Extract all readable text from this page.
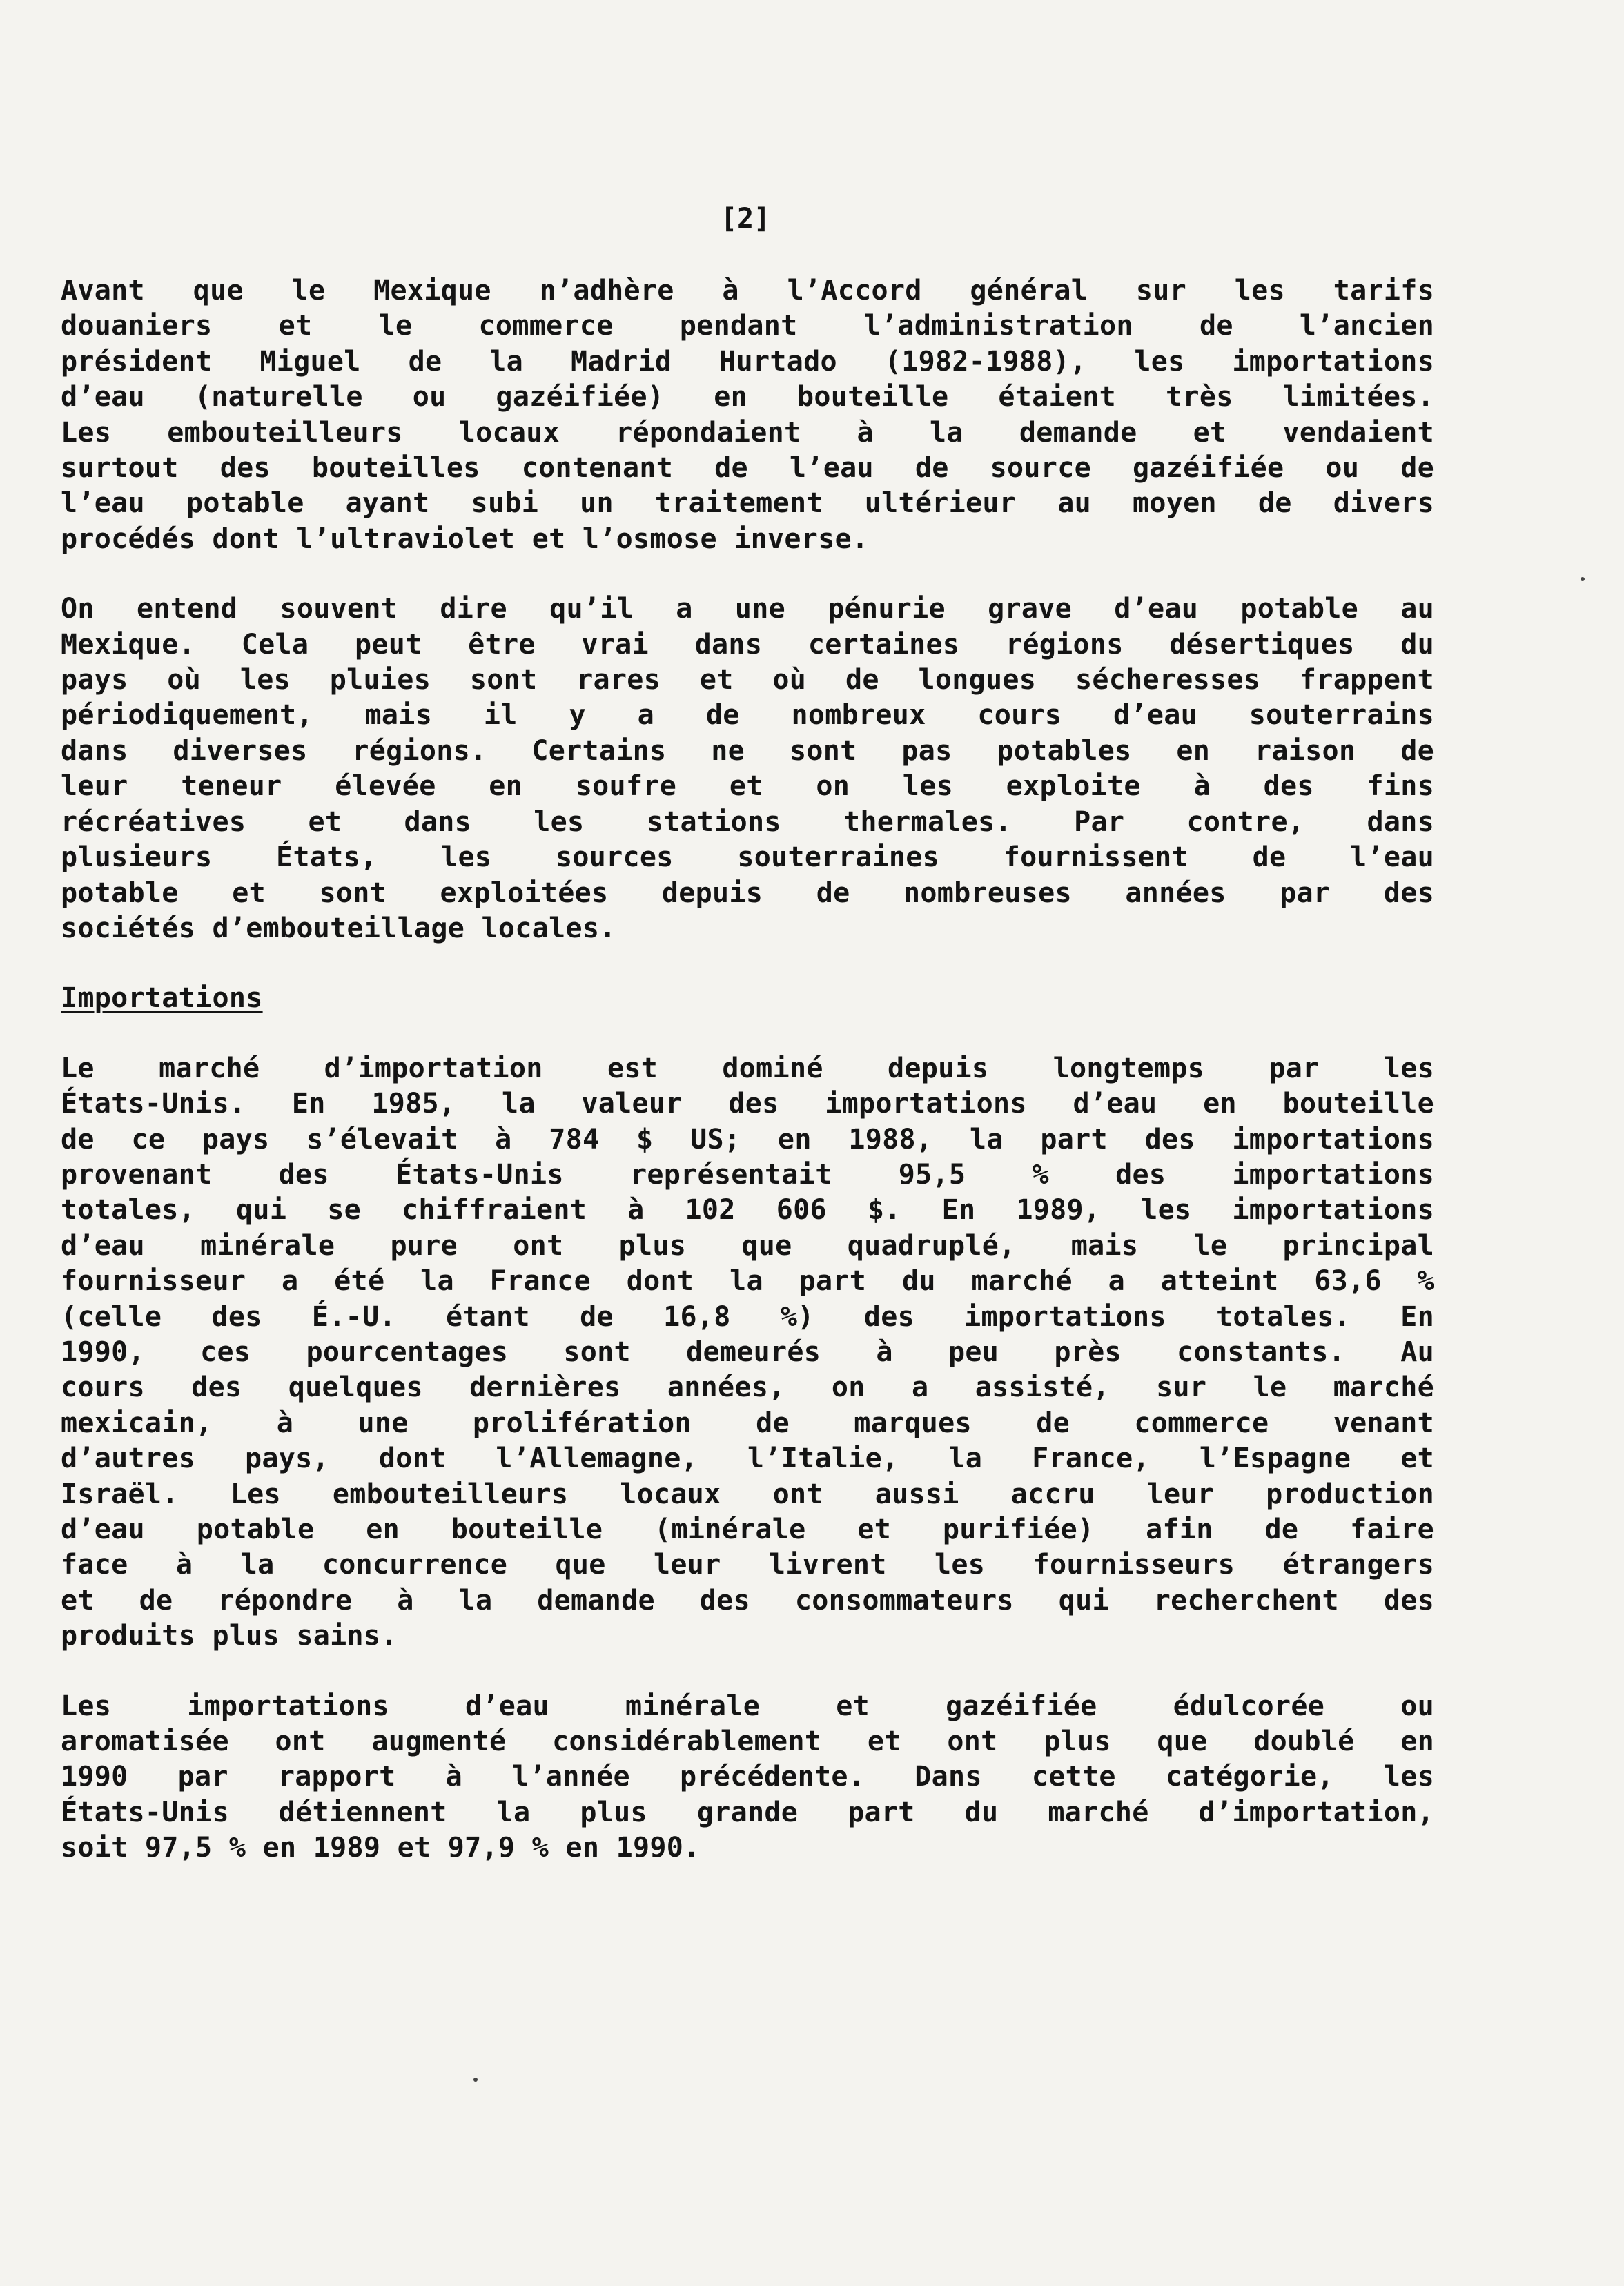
[2]
Avant que le Mexique n’adhère à l’Accord général sur les tarifs
douaniers et le commerce pendant l’administration de l’ancien
président Miguel de la Madrid Hurtado (1982-1988), les importations
d’eau (naturelle ou gazéifiée) en bouteille étaient très limitées.
Les embouteilleurs locaux répondaient à la demande et vendaient
surtout des bouteilles contenant de l’eau de source gazéifiée ou de
l’eau potable ayant subi un traitement ultérieur au moyen de divers
procédés dont l’ultraviolet et l’osmose inverse.
On entend souvent dire qu’il a une pénurie grave d’eau potable au
Mexique. Cela peut être vrai dans certaines régions désertiques du
pays où les pluies sont rares et où de longues sécheresses frappent
périodiquement, mais il y a de nombreux cours d’eau souterrains
dans diverses régions. Certains ne sont pas potables en raison de
leur teneur élevée en soufre et on les exploite à des fins
récréatives et dans les stations thermales. Par contre, dans
plusieurs États, les sources souterraines fournissent de l’eau
potable et sont exploitées depuis de nombreuses années par des
sociétés d’embouteillage locales.
Importations
Le marché d’importation est dominé depuis longtemps par les
États-Unis. En 1985, la valeur des importations d’eau en bouteille
de ce pays s’élevait à 784 $ US; en 1988, la part des importations
provenant des États-Unis représentait 95,5 % des importations
totales, qui se chiffraient à 102 606 $. En 1989, les importations
d’eau minérale pure ont plus que quadruplé, mais le principal
fournisseur a été la France dont la part du marché a atteint 63,6 %
(celle des É.-U. étant de 16,8 %) des importations totales. En
1990, ces pourcentages sont demeurés à peu près constants. Au
cours des quelques dernières années, on a assisté, sur le marché
mexicain, à une prolifération de marques de commerce venant
d’autres pays, dont l’Allemagne, l’Italie, la France, l’Espagne et
Israël. Les embouteilleurs locaux ont aussi accru leur production
d’eau potable en bouteille (minérale et purifiée) afin de faire
face à la concurrence que leur livrent les fournisseurs étrangers
et de répondre à la demande des consommateurs qui recherchent des
produits plus sains.
Les importations d’eau minérale et gazéifiée édulcorée ou
aromatisée ont augmenté considérablement et ont plus que doublé en
1990 par rapport à l’année précédente. Dans cette catégorie, les
États-Unis détiennent la plus grande part du marché d’importation,
soit 97,5 % en 1989 et 97,9 % en 1990.
